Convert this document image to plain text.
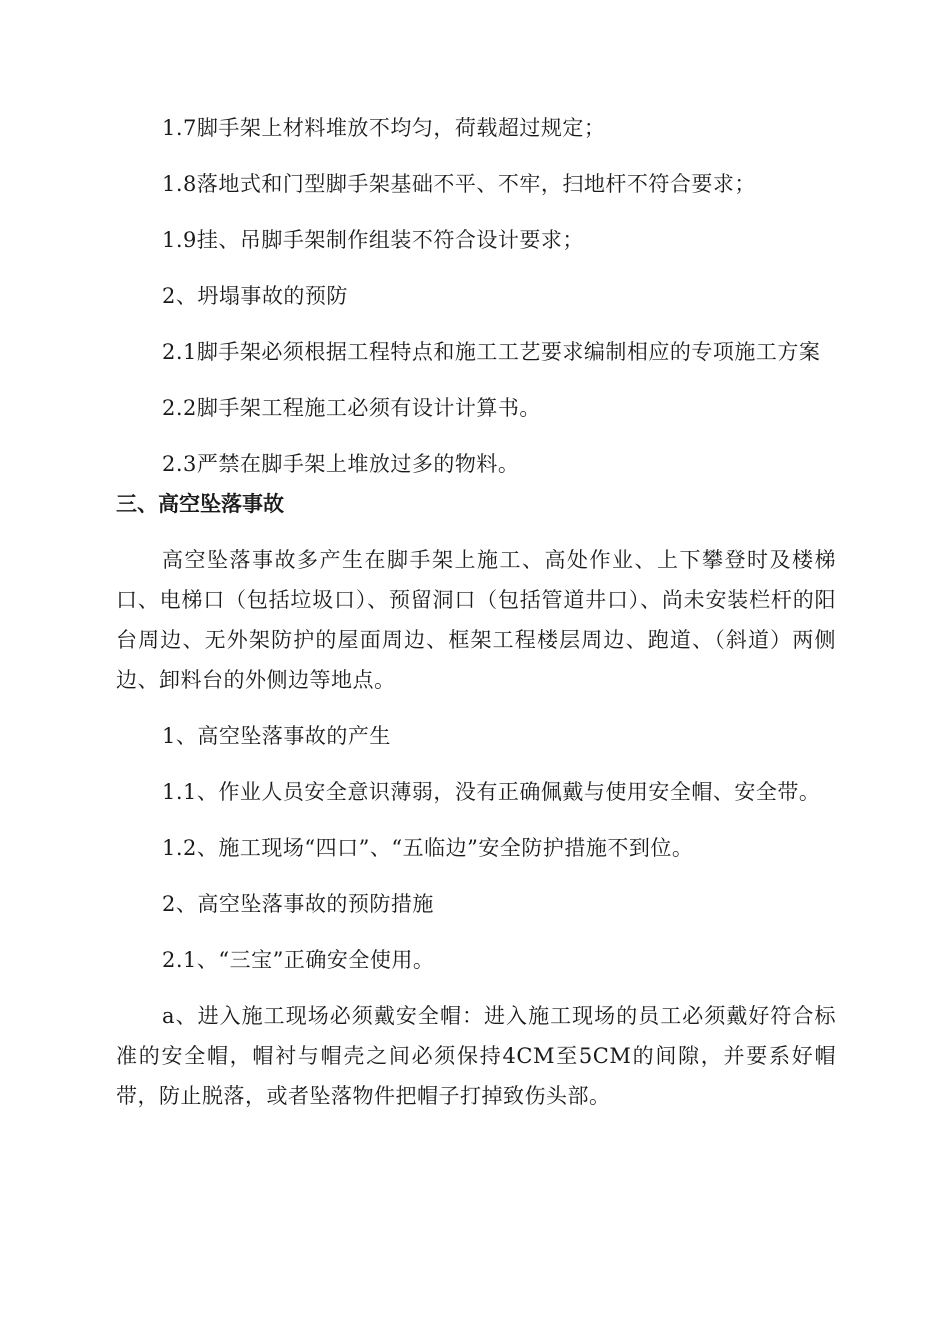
1.7脚手架上材料堆放不均匀，荷载超过规定；

1.8落地式和门型脚手架基础不平、不牢，扫地杆不符合要求；

1.9挂、吊脚手架制作组装不符合设计要求；

2、坍塌事故的预防

2.1脚手架必须根据工程特点和施工工艺要求编制相应的专项施工方案

2.2脚手架工程施工必须有设计计算书。

2.3严禁在脚手架上堆放过多的物料。

三、高空坠落事故

高空坠落事故多产生在脚手架上施工、高处作业、上下攀登时及楼梯口、电梯口（包括垃圾口）、预留洞口（包括管道井口）、尚未安装栏杆的阳台周边、无外架防护的屋面周边、框架工程楼层周边、跑道、（斜道）两侧边、卸料台的外侧边等地点。

1、高空坠落事故的产生

1.1、作业人员安全意识薄弱，没有正确佩戴与使用安全帽、安全带。

1.2、施工现场“四口”、“五临边”安全防护措施不到位。

2、高空坠落事故的预防措施

2.1、“三宝”正确安全使用。

a、进入施工现场必须戴安全帽：进入施工现场的员工必须戴好符合标准的安全帽，帽衬与帽壳之间必须保持4CM至5CM的间隙，并要系好帽带，防止脱落，或者坠落物件把帽子打掉致伤头部。
